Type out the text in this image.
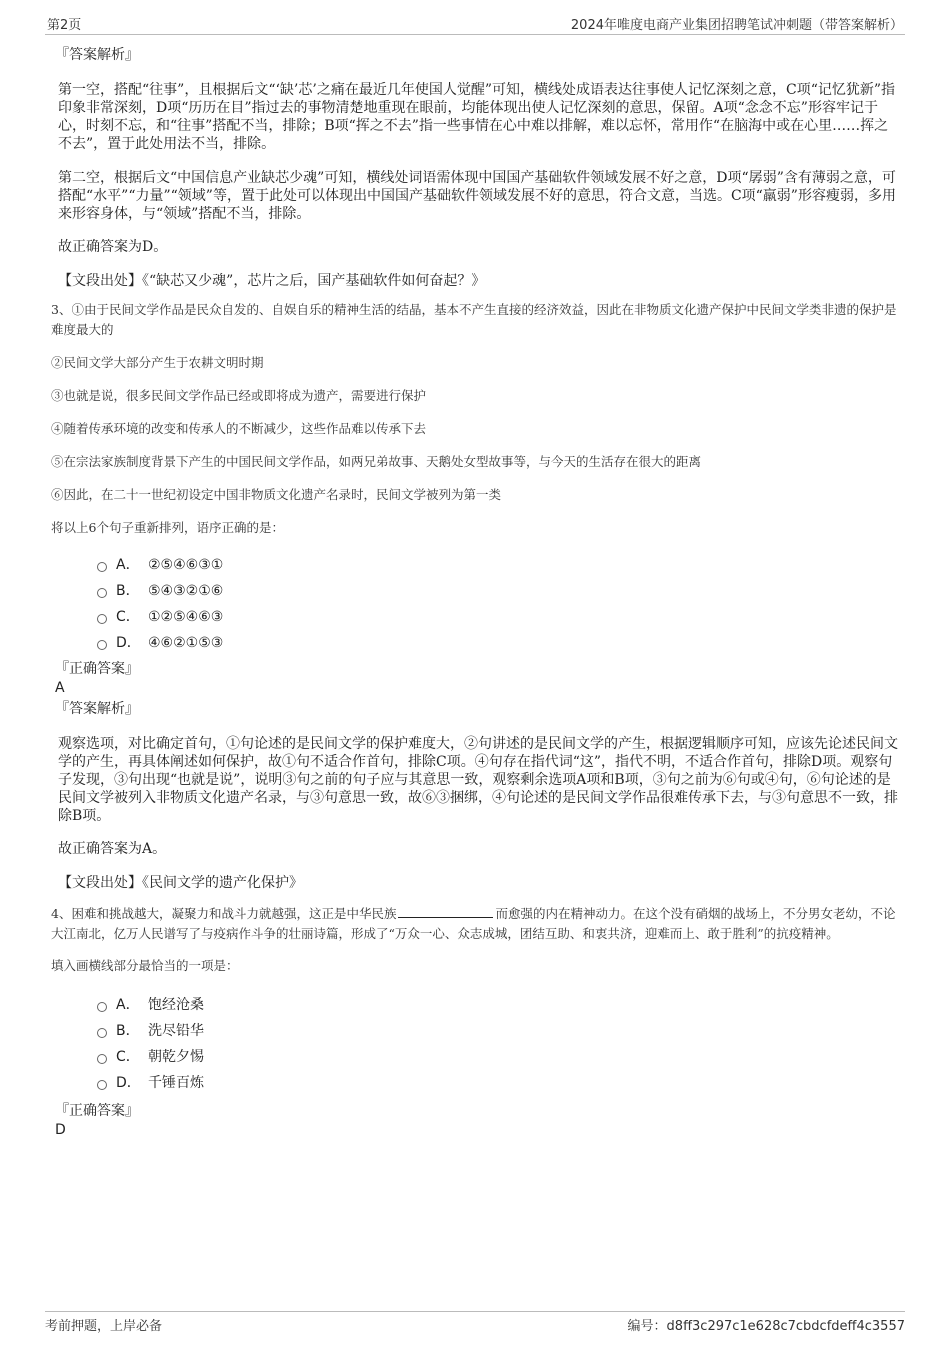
第2页	2024年唯度电商产业集团招聘笔试冲刺题（带答案解析）

『答案解析』

第一空，搭配“往事”，且根据后文“‘缺’芯’之痛在最近几年使国人觉醒”可知，横线处成语表达往事使人记忆深刻之意，C项“记忆犹新”指印象非常深刻，D项“历历在目”指过去的事物清楚地重现在眼前，均能体现出使人记忆深刻的意思，保留。A项“念念不忘”形容牢记于心，时刻不忘，和“往事”搭配不当，排除；B项“挥之不去”指一些事情在心中难以排解，难以忘怀，常用作“在脑海中或在心里……挥之不去”，置于此处用法不当，排除。

第二空，根据后文“中国信息产业缺芯少魂”可知，横线处词语需体现中国国产基础软件领域发展不好之意，D项“孱弱”含有薄弱之意，可搭配“水平”“力量”“领域”等，置于此处可以体现出中国国产基础软件领域发展不好的意思，符合文意，当选。C项“羸弱”形容瘦弱，多用来形容身体，与“领域”搭配不当，排除。

故正确答案为D。

【文段出处】《“缺芯又少魂”，芯片之后，国产基础软件如何奋起？》

3、①由于民间文学作品是民众自发的、自娱自乐的精神生活的结晶，基本不产生直接的经济效益，因此在非物质文化遗产保护中民间文学类非遗的保护是难度最大的

②民间文学大部分产生于农耕文明时期

③也就是说，很多民间文学作品已经或即将成为遗产，需要进行保护

④随着传承环境的改变和传承人的不断减少，这些作品难以传承下去

⑤在宗法家族制度背景下产生的中国民间文学作品，如两兄弟故事、天鹅处女型故事等，与今天的生活存在很大的距离

⑥因此，在二十一世纪初设定中国非物质文化遗产名录时，民间文学被列为第一类

将以上6个句子重新排列，语序正确的是：

A． ②⑤④⑥③①
B． ⑤④③②①⑥
C． ①②⑤④⑥③
D． ④⑥②①⑤③

『正确答案』

A

『答案解析』

观察选项，对比确定首句，①句论述的是民间文学的保护难度大，②句讲述的是民间文学的产生，根据逻辑顺序可知，应该先论述民间文学的产生，再具体阐述如何保护，故①句不适合作首句，排除C项。④句存在指代词“这”，指代不明，不适合作首句，排除D项。观察句子发现，③句出现“也就是说”，说明③句之前的句子应与其意思一致，观察剩余选项A项和B项，③句之前为⑥句或④句，⑥句论述的是民间文学被列入非物质文化遗产名录，与③句意思一致，故⑥③捆绑，④句论述的是民间文学作品很难传承下去，与③句意思不一致，排除B项。

故正确答案为A。

【文段出处】《民间文学的遗产化保护》

4、困难和挑战越大，凝聚力和战斗力就越强，这正是中华民族	而愈强的内在精神动力。在这个没有硝烟的战场上，不分男女老幼，不论大江南北，亿万人民谱写了与疫病作斗争的壮丽诗篇，形成了“万众一心、众志成城，团结互助、和衷共济，迎难而上、敢于胜利”的抗疫精神。

填入画横线部分最恰当的一项是：

A． 饱经沧桑
B． 洗尽铅华
C． 朝乾夕惕
D． 千锤百炼

『正确答案』

D

考前押题，上岸必备	编号：d8ff3c297c1e628c7cbdcfdeff4c3557
